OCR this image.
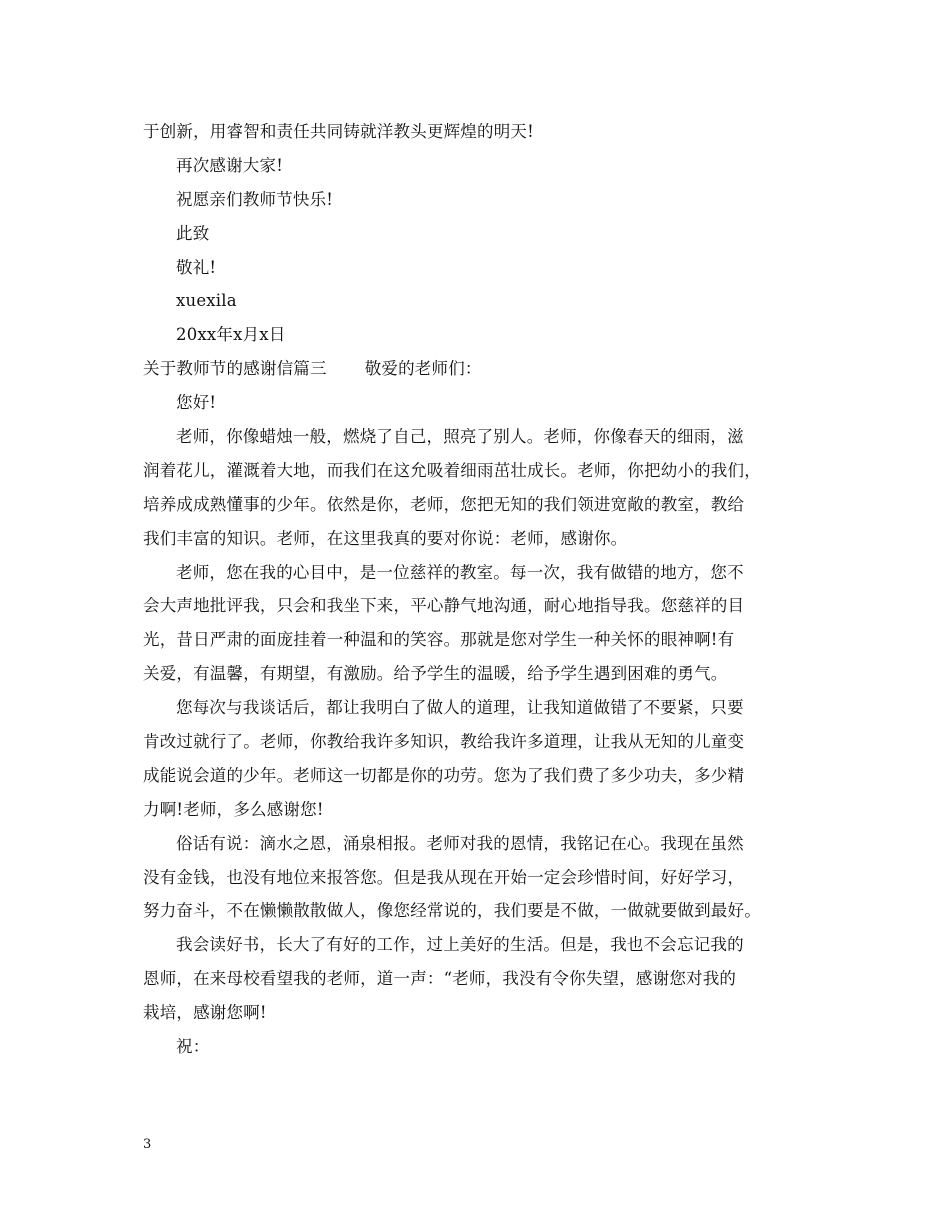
于创新，用睿智和责任共同铸就洋教头更辉煌的明天!
再次感谢大家!
祝愿亲们教师节快乐!
此致
敬礼!
xuexila
20xx年x月x日
关于教师节的感谢信篇三 敬爱的老师们：
您好!
老师，你像蜡烛一般，燃烧了自己，照亮了别人。老师，你像春天的细雨，滋
润着花儿，灌溉着大地，而我们在这允吸着细雨茁壮成长。老师，你把幼小的我们，
培养成成熟懂事的少年。依然是你，老师，您把无知的我们领进宽敞的教室，教给
我们丰富的知识。老师，在这里我真的要对你说：老师，感谢你。
老师，您在我的心目中，是一位慈祥的教室。每一次，我有做错的地方，您不
会大声地批评我，只会和我坐下来，平心静气地沟通，耐心地指导我。您慈祥的目
光，昔日严肃的面庞挂着一种温和的笑容。那就是您对学生一种关怀的眼神啊!有
关爱，有温馨，有期望，有激励。给予学生的温暖，给予学生遇到困难的勇气。
您每次与我谈话后，都让我明白了做人的道理，让我知道做错了不要紧，只要
肯改过就行了。老师，你教给我许多知识，教给我许多道理，让我从无知的儿童变
成能说会道的少年。老师这一切都是你的功劳。您为了我们费了多少功夫，多少精
力啊!老师，多么感谢您!
俗话有说：滴水之恩，涌泉相报。老师对我的恩情，我铭记在心。我现在虽然
没有金钱，也没有地位来报答您。但是我从现在开始一定会珍惜时间，好好学习，
努力奋斗，不在懒懒散散做人，像您经常说的，我们要是不做，一做就要做到最好。
我会读好书，长大了有好的工作，过上美好的生活。但是，我也不会忘记我的
恩师，在来母校看望我的老师，道一声：“老师，我没有令你失望，感谢您对我的
栽培，感谢您啊!
祝：
3
